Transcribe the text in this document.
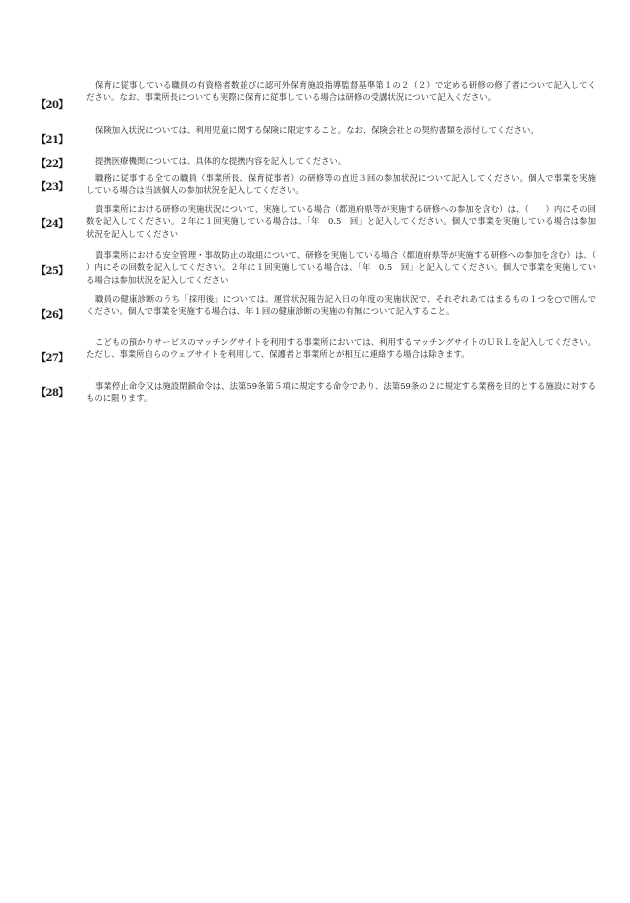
【20】
保育に従事している職員の有資格者数並びに認可外保育施設指導監督基準第１の２（２）で定める研修の修了者について記入してください。なお、事業所長についても実際に保育に従事している場合は研修の受講状況について記入ください。
【21】
保険加入状況については、利用児童に関する保険に限定すること。なお、保険会社との契約書類を添付してください。
【22】	提携医療機関については、具体的な提携内容を記入してください。
【23】
職務に従事する全ての職員（事業所長、保育従事者）の研修等の直近３回の参加状況について記入してください。個人で事業を実施している場合は当該個人の参加状況を記入してください。
【24】
貴事業所における研修の実施状況について、実施している場合（都道府県等が実施する研修への参加を含む）は、（　　）内にその回数を記入してください。２年に１回実施している場合は、「年　0.5　回」と記入してください。個人で事業を実施している場合は参加状況を記入してください
【25】
貴事業所における安全管理・事故防止の取組について、研修を実施している場合（都道府県等が実施する研修への参加を含む）は、（　　）内にその回数を記入してください。２年に１回実施している場合は、「年　0.5　回」と記入してください。個人で事業を実施している場合は参加状況を記入してください
【26】
職員の健康診断のうち「採用後」については、運営状況報告記入日の年度の実施状況で、それぞれあてはまるもの１つを○で囲んでください。個人で事業を実施する場合は、年１回の健康診断の実施の有無について記入すること。
【27】
こどもの預かりサービスのマッチングサイトを利用する事業所においては、利用するマッチングサイトのＵＲＬを記入してください。ただし、事業所自らのウェブサイトを利用して、保護者と事業所とが相互に連絡する場合は除きます。
【28】
事業停止命令又は施設閉鎖命令は、法第59条第５項に規定する命令であり、法第59条の２に規定する業務を目的とする施設に対するものに限ります。
